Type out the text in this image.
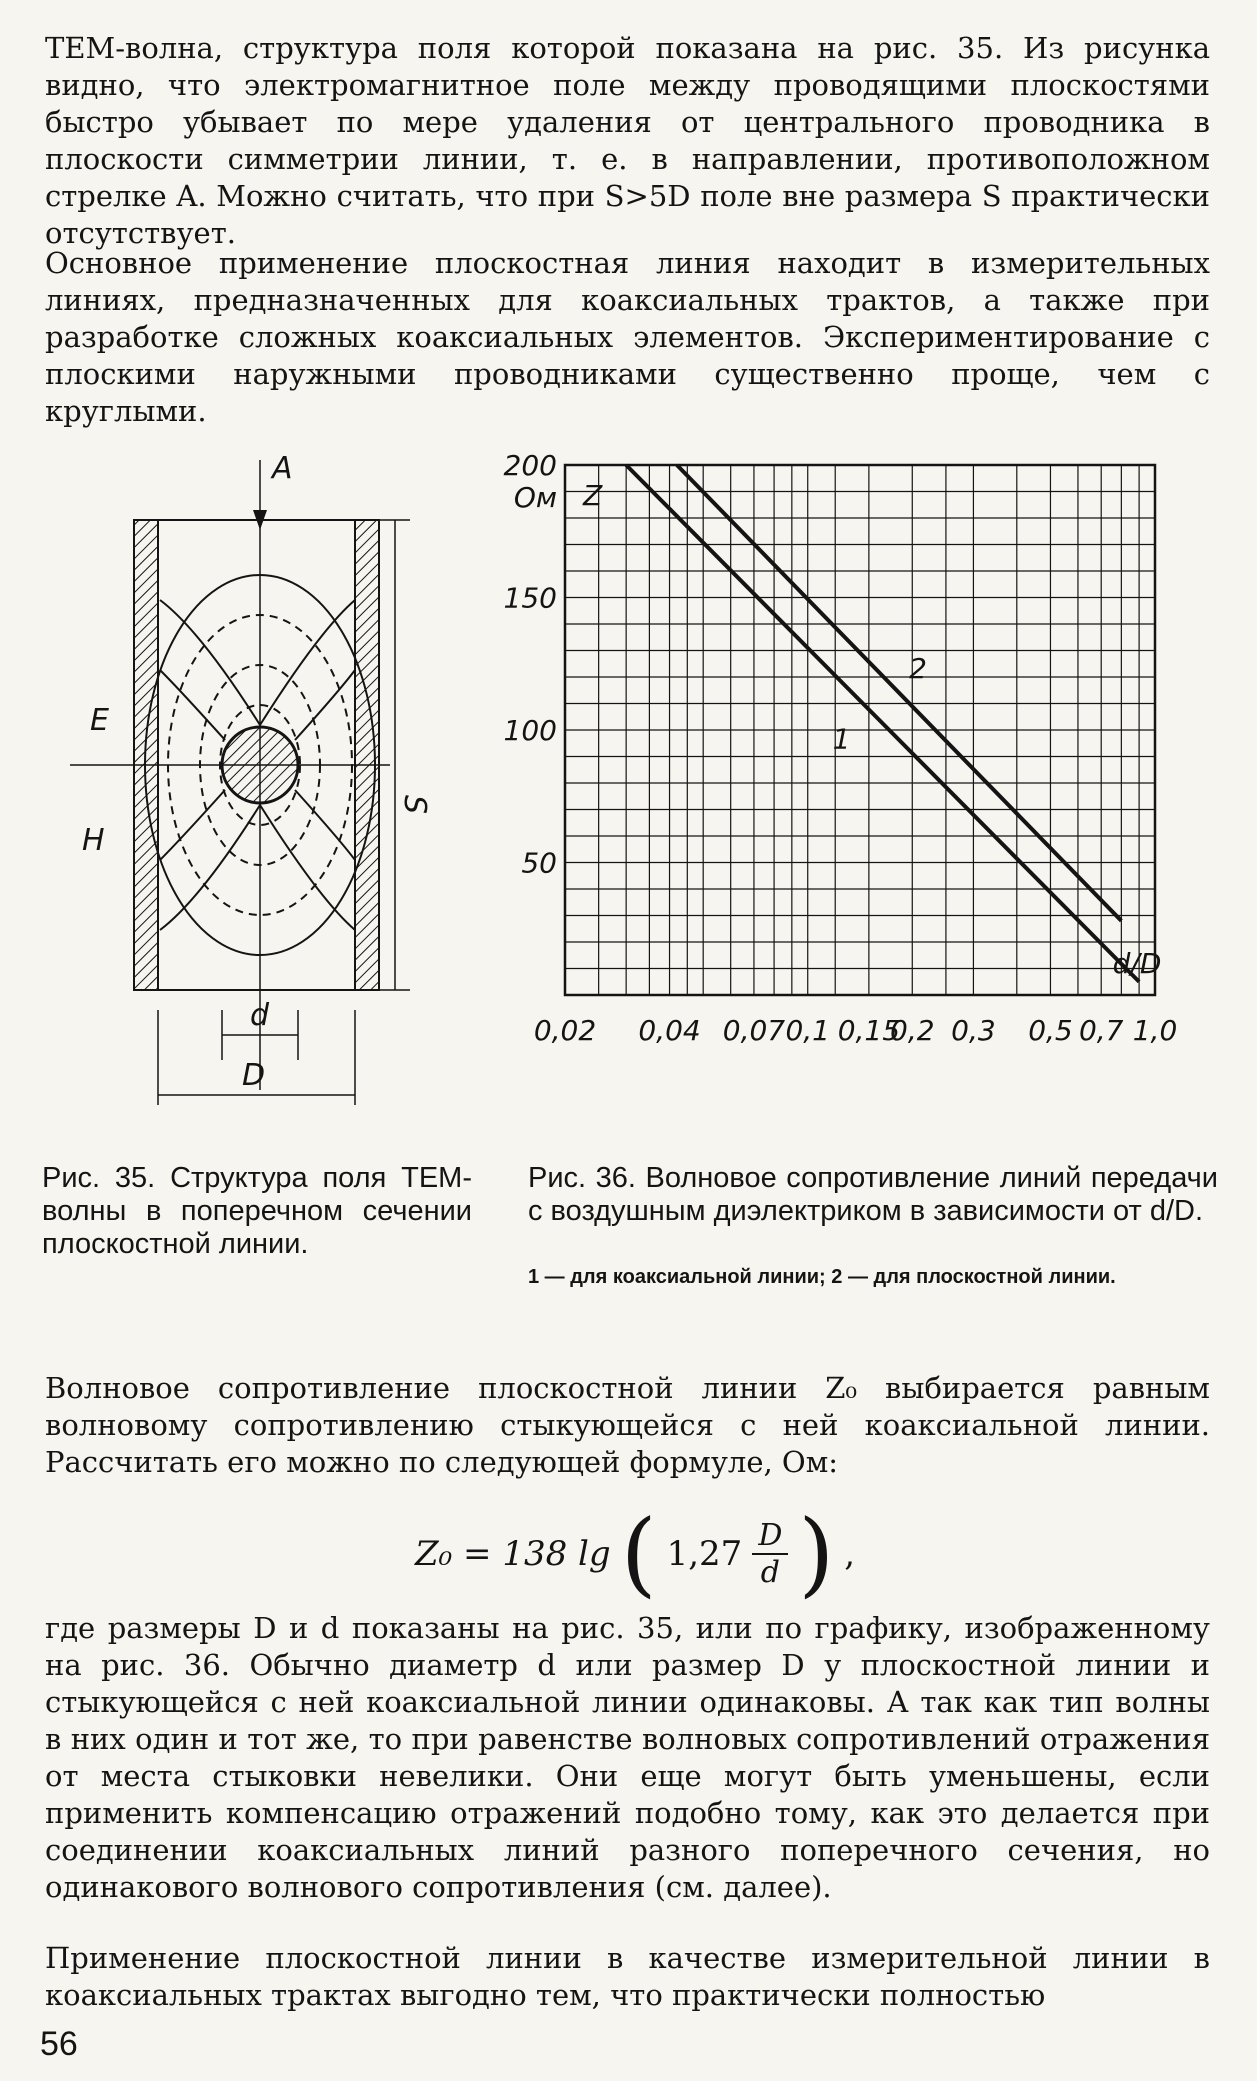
ТЕМ-волна, структура поля которой показана на рис. 35. Из рисунка видно, что электромагнитное поле между проводящими плоскостями быстро убывает по мере удаления от центрального проводника в плоскости симметрии линии, т. е. в направлении, противоположном стрелке A. Можно считать, что при S>5D поле вне размера S практически отсутствует.

Основное применение плоскостная линия находит в измерительных линиях, предназначенных для коаксиальных трактов, а также при разработке сложных коаксиальных элементов. Экспериментирование с плоскими наружными проводниками существенно проще, чем с круглыми.

A
E
H
S
d
D
0,02 0,04 0,07 0,1 0,15
0,2 0,3 0,5 0,7 1,0
50
100
150
200
Ом Z
d/D
1
2

Рис. 35. Структура поля ТЕМ-волны в поперечном сечении плоскостной линии.

Рис. 36. Волновое сопротивление линий передачи с воздушным диэлектриком в зависимости от d/D.

1 — для коаксиальной линии; 2 — для плоскостной линии.

Волновое сопротивление плоскостной линии Z₀ выбирается равным волновому сопротивлению стыкующейся с ней коаксиальной линии. Рассчитать его можно по следующей формуле, Ом:

Z₀ = 138 lg ( $1,27 \frac{D}{d}$ ) ,

где размеры D и d показаны на рис. 35, или по графику, изображенному на рис. 36. Обычно диаметр d или размер D у плоскостной линии и стыкующейся с ней коаксиальной линии одинаковы. А так как тип волны в них один и тот же, то при равенстве волновых сопротивлений отражения от места стыковки невелики. Они еще могут быть уменьшены, если применить компенсацию отражений подобно тому, как это делается при соединении коаксиальных линий разного поперечного сечения, но одинакового волнового сопротивления (см. далее).

Применение плоскостной линии в качестве измерительной линии в коаксиальных трактах выгодно тем, что практически полностью

56
